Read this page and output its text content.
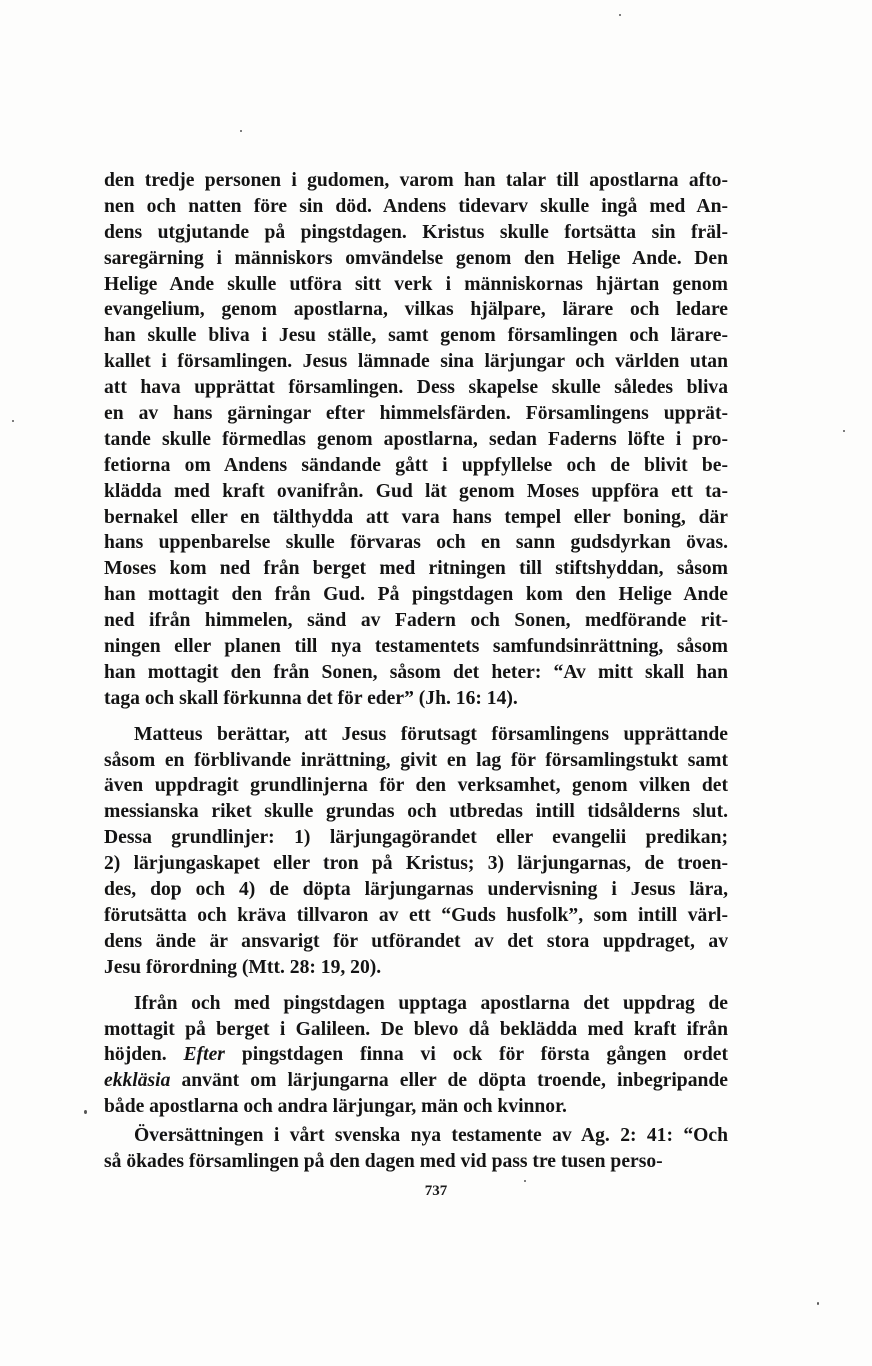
den tredje personen i gudomen, varom han talar till apostlarna afto-
nen och natten före sin död. Andens tidevarv skulle ingå med An-
dens utgjutande på pingstdagen. Kristus skulle fortsätta sin fräl-
saregärning i människors omvändelse genom den Helige Ande. Den
Helige Ande skulle utföra sitt verk i människornas hjärtan genom
evangelium, genom apostlarna, vilkas hjälpare, lärare och ledare
han skulle bliva i Jesu ställe, samt genom församlingen och lärare-
kallet i församlingen. Jesus lämnade sina lärjungar och världen utan
att hava upprättat församlingen. Dess skapelse skulle således bliva
en av hans gärningar efter himmelsfärden. Församlingens upprät-
tande skulle förmedlas genom apostlarna, sedan Faderns löfte i pro-
fetiorna om Andens sändande gått i uppfyllelse och de blivit be-
klädda med kraft ovanifrån. Gud lät genom Moses uppföra ett ta-
bernakel eller en tälthydda att vara hans tempel eller boning, där
hans uppenbarelse skulle förvaras och en sann gudsdyrkan övas.
Moses kom ned från berget med ritningen till stiftshyddan, såsom
han mottagit den från Gud. På pingstdagen kom den Helige Ande
ned ifrån himmelen, sänd av Fadern och Sonen, medförande rit-
ningen eller planen till nya testamentets samfundsinrättning, såsom
han mottagit den från Sonen, såsom det heter: “Av mitt skall han
taga och skall förkunna det för eder” (Jh. 16: 14).
Matteus berättar, att Jesus förutsagt församlingens upprättande
såsom en förblivande inrättning, givit en lag för församlingstukt samt
även uppdragit grundlinjerna för den verksamhet, genom vilken det
messianska riket skulle grundas och utbredas intill tidsålderns slut.
Dessa grundlinjer: 1) lärjungagörandet eller evangelii predikan;
2) lärjungaskapet eller tron på Kristus; 3) lärjungarnas, de troen-
des, dop och 4) de döpta lärjungarnas undervisning i Jesus lära,
förutsätta och kräva tillvaron av ett “Guds husfolk”, som intill värl-
dens ände är ansvarigt för utförandet av det stora uppdraget, av
Jesu förordning (Mtt. 28: 19, 20).
Ifrån och med pingstdagen upptaga apostlarna det uppdrag de
mottagit på berget i Galileen. De blevo då beklädda med kraft ifrån
höjden. Efter pingstdagen finna vi ock för första gången ordet
ekkläsia använt om lärjungarna eller de döpta troende, inbegripande
både apostlarna och andra lärjungar, män och kvinnor.
Översättningen i vårt svenska nya testamente av Ag. 2: 41: “Och
så ökades församlingen på den dagen med vid pass tre tusen perso-
737
